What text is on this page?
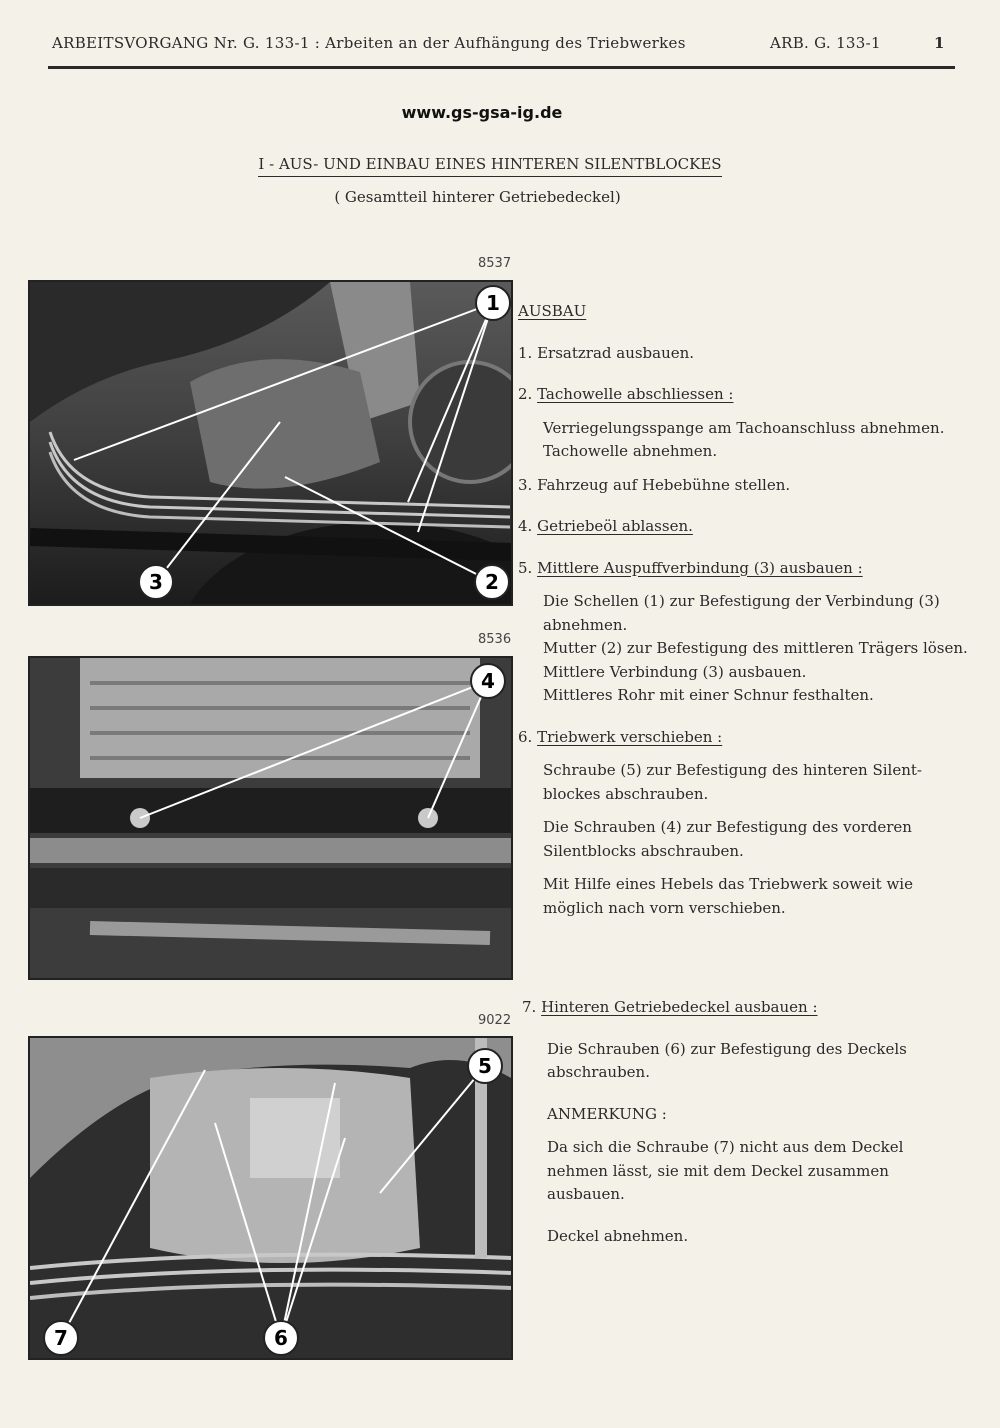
ARBEITSVORGANG Nr. G. 133-1 : Arbeiten an der Aufhängung des Triebwerkes	ARB. G. 133-1	1
www.gs-gsa-ig.de
I - AUS- UND EINBAU EINES HINTEREN SILENTBLOCKES
( Gesamtteil hinterer Getriebedeckel)
8537
1
2
3
8536
4
9022
5
6
7

AUSBAU

1. Ersatzrad ausbauen.

2. Tachowelle abschliessen :

Verriegelungsspange am Tachoanschluss abnehmen.

Tachowelle abnehmen.

3. Fahrzeug auf Hebebühne stellen.

4. Getriebeöl ablassen.

5. Mittlere Auspuffverbindung (3) ausbauen :

Die Schellen (1) zur Befestigung der Verbindung (3)

abnehmen.

Mutter (2) zur Befestigung des mittleren Trägers lösen.

Mittlere Verbindung (3) ausbauen.

Mittleres Rohr mit einer Schnur festhalten.

6. Triebwerk verschieben :

Schraube (5) zur Befestigung des hinteren Silent-

blockes abschrauben.

Die Schrauben (4) zur Befestigung des vorderen

Silentblocks abschrauben.

Mit Hilfe eines Hebels das Triebwerk soweit wie

möglich nach vorn verschieben.

7. Hinteren Getriebedeckel ausbauen :

Die Schrauben (6) zur Befestigung des Deckels

abschrauben.

ANMERKUNG :

Da sich die Schraube (7) nicht aus dem Deckel

nehmen lässt, sie mit dem Deckel zusammen

ausbauen.

Deckel abnehmen.
